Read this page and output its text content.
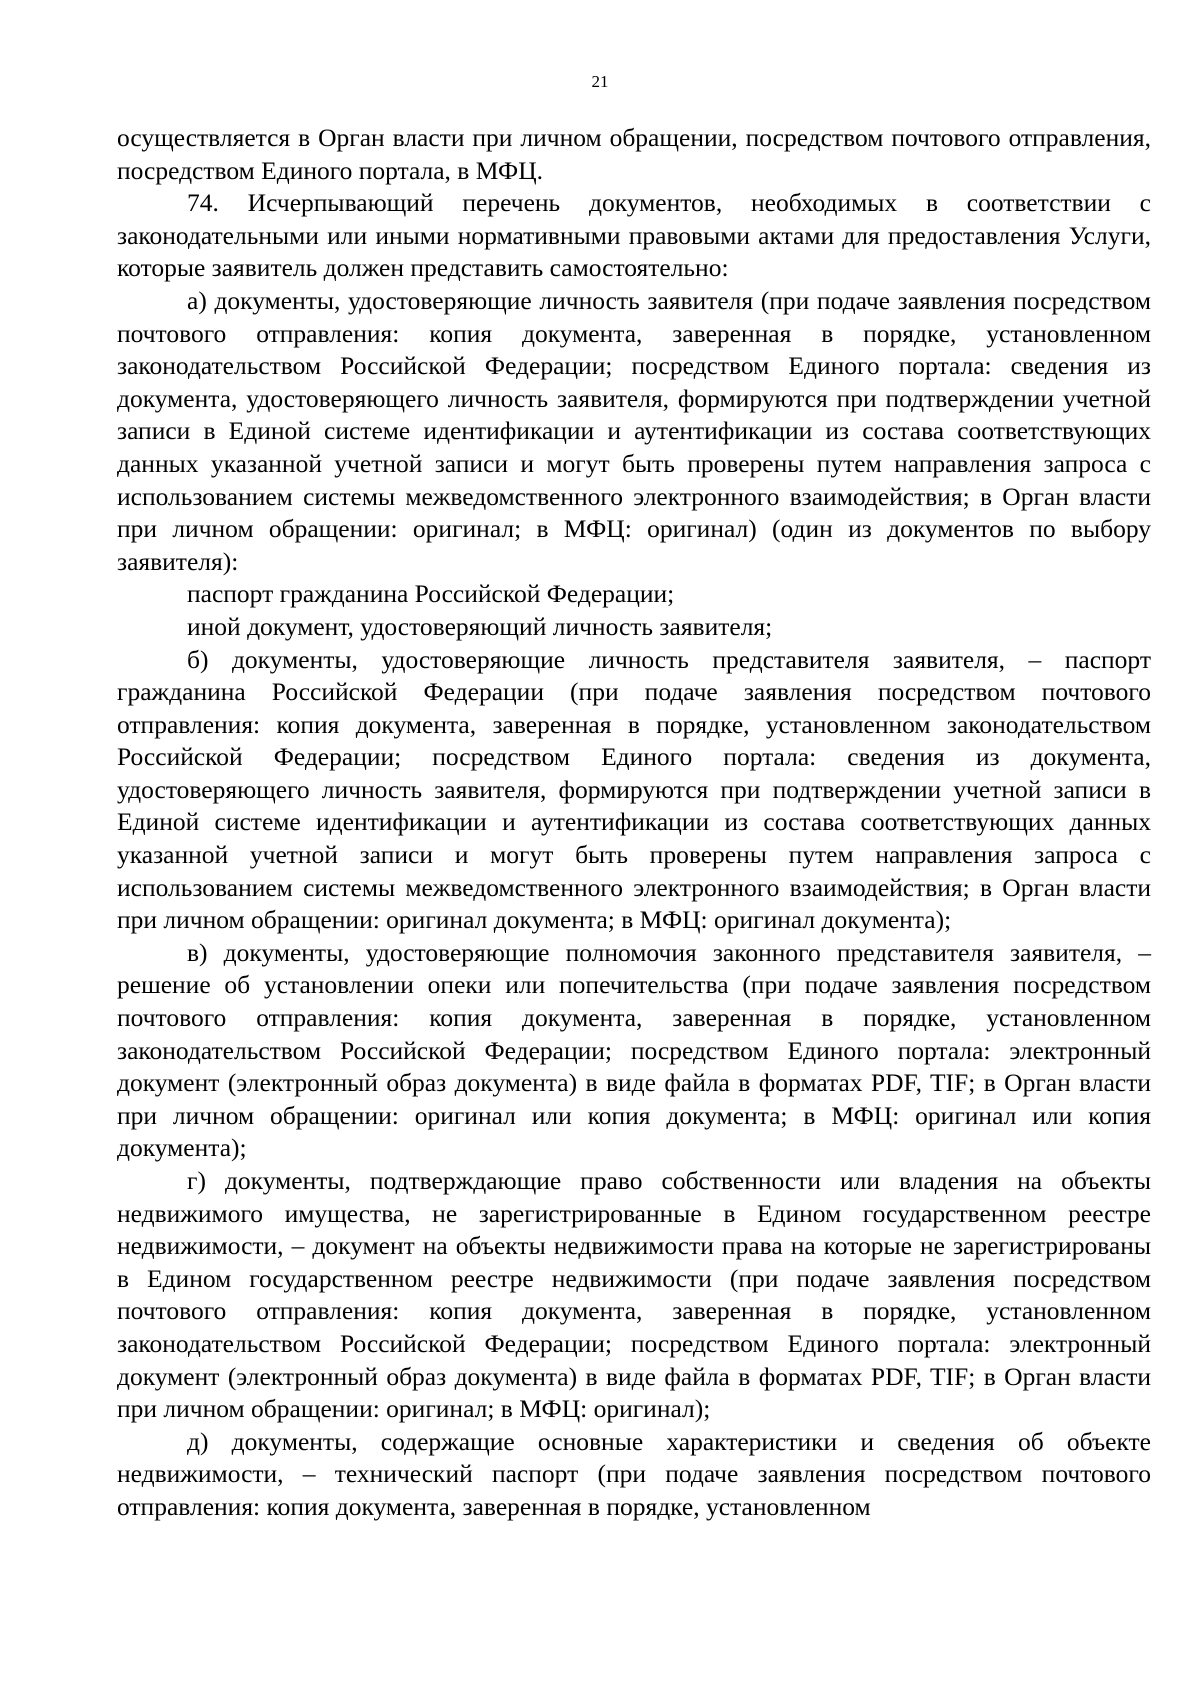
21

осуществляется в Орган власти при личном обращении, посредством почтового отправления, посредством Единого портала, в МФЦ.

74. Исчерпывающий перечень документов, необходимых в соответствии с законодательными или иными нормативными правовыми актами для предоставления Услуги, которые заявитель должен представить самостоятельно:

а) документы, удостоверяющие личность заявителя (при подаче заявления посредством почтового отправления: копия документа, заверенная в порядке, установленном законодательством Российской Федерации; посредством Единого портала: сведения из документа, удостоверяющего личность заявителя, формируются при подтверждении учетной записи в Единой системе идентификации и аутентификации из состава соответствующих данных указанной учетной записи и могут быть проверены путем направления запроса с использованием системы межведомственного электронного взаимодействия; в Орган власти при личном обращении: оригинал; в МФЦ: оригинал) (один из документов по выбору заявителя):

паспорт гражданина Российской Федерации;

иной документ, удостоверяющий личность заявителя;

б) документы, удостоверяющие личность представителя заявителя, – паспорт гражданина Российской Федерации (при подаче заявления посредством почтового отправления: копия документа, заверенная в порядке, установленном законодательством Российской Федерации; посредством Единого портала: сведения из документа, удостоверяющего личность заявителя, формируются при подтверждении учетной записи в Единой системе идентификации и аутентификации из состава соответствующих данных указанной учетной записи и могут быть проверены путем направления запроса с использованием системы межведомственного электронного взаимодействия; в Орган власти при личном обращении: оригинал документа; в МФЦ: оригинал документа);

в) документы, удостоверяющие полномочия законного представителя заявителя, – решение об установлении опеки или попечительства (при подаче заявления посредством почтового отправления: копия документа, заверенная в порядке, установленном законодательством Российской Федерации; посредством Единого портала: электронный документ (электронный образ документа) в виде файла в форматах PDF, TIF; в Орган власти при личном обращении: оригинал или копия документа; в МФЦ: оригинал или копия документа);

г) документы, подтверждающие право собственности или владения на объекты недвижимого имущества, не зарегистрированные в Едином государственном реестре недвижимости, – документ на объекты недвижимости права на которые не зарегистрированы в Едином государственном реестре недвижимости (при подаче заявления посредством почтового отправления: копия документа, заверенная в порядке, установленном законодательством Российской Федерации; посредством Единого портала: электронный документ (электронный образ документа) в виде файла в форматах PDF, TIF; в Орган власти при личном обращении: оригинал; в МФЦ: оригинал);

д) документы, содержащие основные характеристики и сведения об объекте недвижимости, – технический паспорт (при подаче заявления посредством почтового отправления: копия документа, заверенная в порядке, установленном
